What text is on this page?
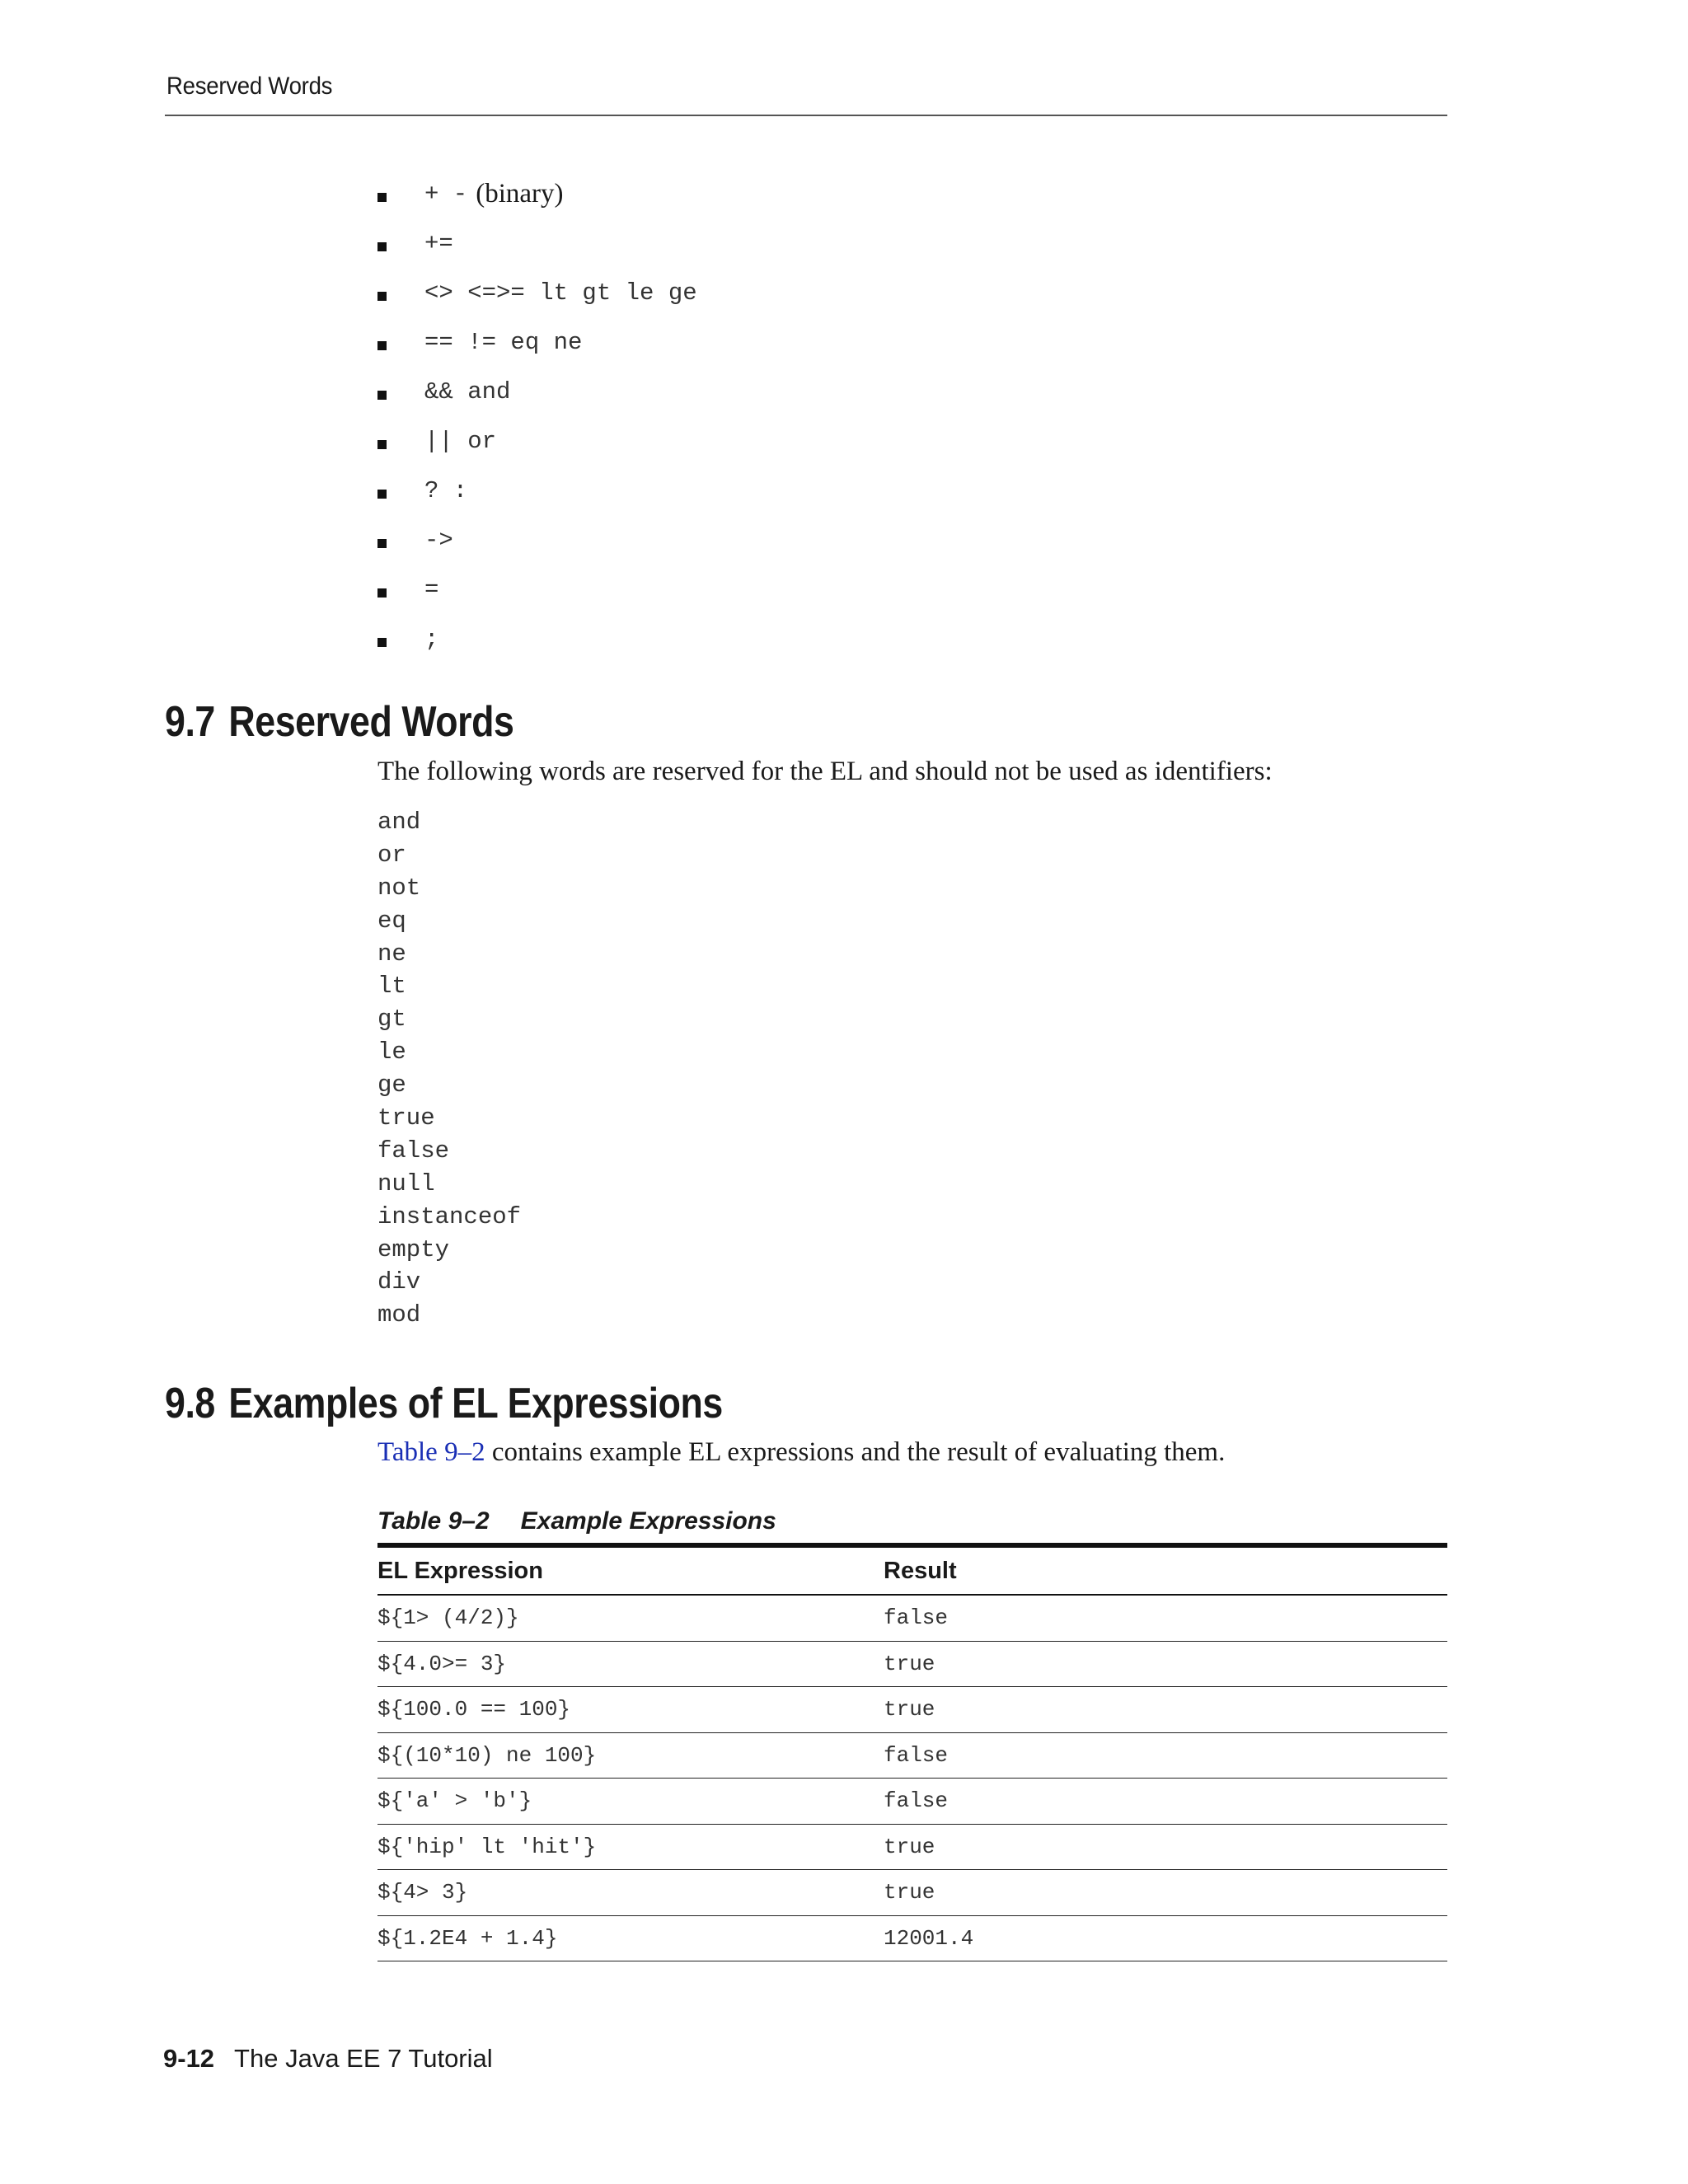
Reserved Words
+ - (binary)
+=
<> <=>= lt gt le ge
== != eq ne
&& and
|| or
? :
->
=
;
9.7 Reserved Words

The following words are reserved for the EL and should not be used as identifiers:

and
or
not
eq
ne
lt
gt
le
ge
true
false
null
instanceof
empty
div
mod
9.8 Examples of EL Expressions

Table 9–2 contains example EL expressions and the result of evaluating them.

Table 9–2 Example Expressions
EL Expression	Result
${1> (4/2)}	false
${4.0>= 3}	true
${100.0 == 100}	true
${(10*10) ne 100}	false
${'a' > 'b'}	false
${'hip' lt 'hit'}	true
${4> 3}	true
${1.2E4 + 1.4}	12001.4
9-12 The Java EE 7 Tutorial
